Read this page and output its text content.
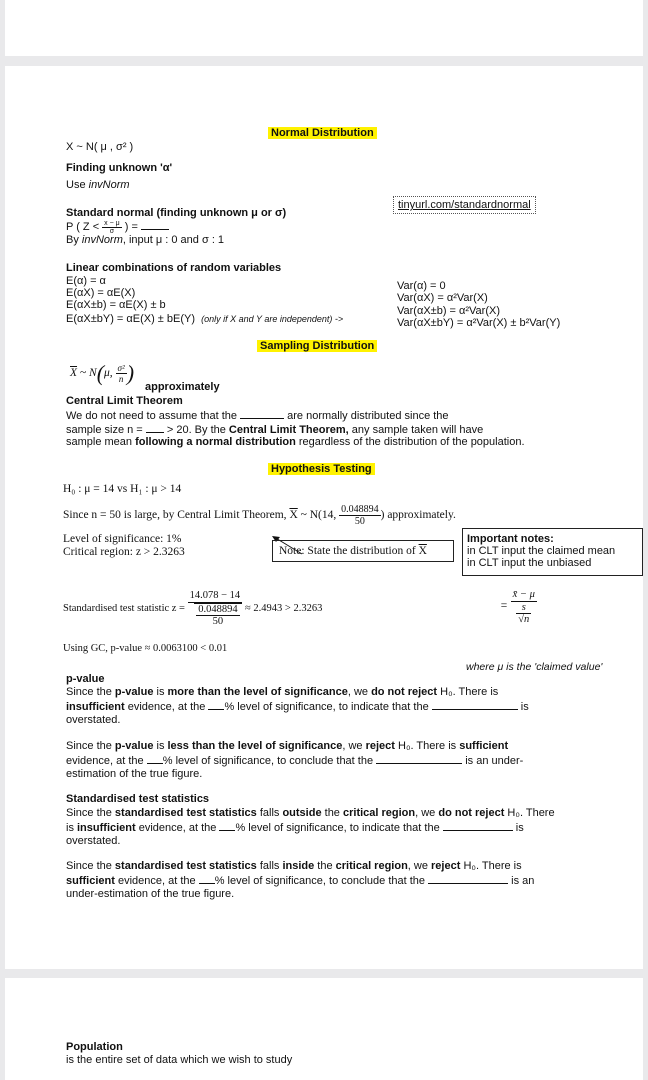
Normal Distribution
X ~ N( μ , σ² )
Finding unknown 'α'
Use invNorm
tinyurl.com/standardnormal
Standard normal (finding unknown μ or σ)
P ( $Z < \frac{x - \mu}{\sigma}$ ) =
By invNorm, input μ : 0 and σ : 1
Linear combinations of random variables
E(α) = α
E(αX) = αE(X)
E(αX±b) = αE(X) ± b
E(αX±bY) = αE(X) ± bE(Y) (only if X and Y are independent) ->
Var(α) = 0
Var(αX) = α²Var(X)
Var(αX±b) = α²Var(X)
Var(αX±bY) = α²Var(X) ± b²Var(Y)
Sampling Distribution
$\overline{X}$ ~ N(μ, $\frac{\text{σ²}}{n}$ )
approximately
Central Limit Theorem
We do not need to assume that the	are normally distributed since the
sample size n =  > 20. By the Central Limit Theorem, any sample taken will have
sample mean following a normal distribution regardless of the distribution of the population.
Hypothesis Testing
H₀ : μ = 14 vs H₁ : μ > 14
Since n = 50 is large, by Central Limit Theorem, $\overline{X}$ ~ N(14, $\frac{0.048894}{50}$ ) approximately.
Level of significance: 1%
Critical region: z > 2.3263	Note: State the distribution of $\overline{X}$
Important notes:
in CLT input the claimed mean
in CLT input the unbiased
Standardised test statistic $z = \frac{14.078 - 14}{\frac{0.048894}{50}} \approx 2.4943 > 2.3263$	= $\frac{x̄ - \mu}{\frac{s}{√n}}$
Using GC, p-value ≈ 0.0063100 < 0.01
where μ is the 'claimed value'
p-value

Since the p-value is more than the level of significance, we do not reject H₀. There is insufficient evidence, at the % level of significance, to indicate that the	is overstated.

Since the p-value is less than the level of significance, we reject H₀. There is sufficient evidence, at the % level of significance, to conclude that the	is an under-estimation of the true figure.

Standardised test statistics

Since the standardised test statistics falls outside the critical region, we do not reject H₀. There is insufficient evidence, at the % level of significance, to indicate that the	is overstated.

Since the standardised test statistics falls inside the critical region, we reject H₀. There is sufficient evidence, at the % level of significance, to conclude that the	is an under-estimation of the true figure.

Population
is the entire set of data which we wish to study
